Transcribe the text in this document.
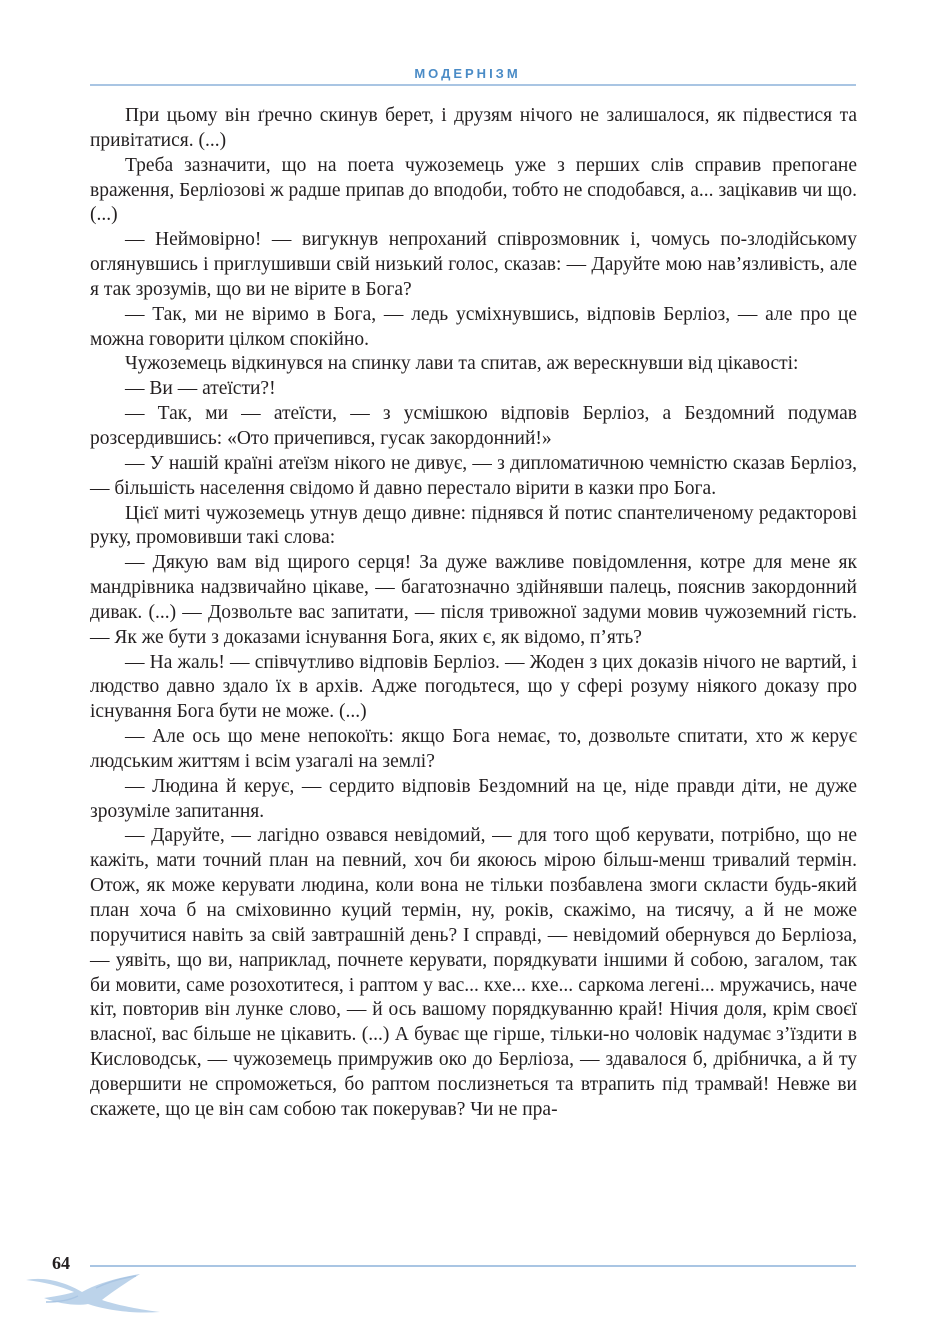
МОДЕРНІЗМ

При цьому він ґречно скинув берет, і друзям нічого не залишалося, як підвестися та привітатися. (...)

Треба зазначити, що на поета чужоземець уже з перших слів справив препогане враження, Берліозові ж радше припав до вподоби, тобто не сподобався, а... зацікавив чи що. (...)

— Неймовірно! — вигукнув непроханий співрозмовник і, чомусь по-злодійському оглянувшись і приглушивши свій низький голос, сказав: — Даруйте мою нав’язливість, але я так зрозумів, що ви не вірите в Бога?

— Так, ми не віримо в Бога, — ледь усміхнувшись, відповів Берліоз, — але про це можна говорити цілком спокійно.

Чужоземець відкинувся на спинку лави та спитав, аж верескнувши від цікавості:

— Ви — атеїсти?!

— Так, ми — атеїсти, — з усмішкою відповів Берліоз, а Бездомний подумав розсердившись: «Ото причепився, гусак закордонний!»

— У нашій країні атеїзм нікого не дивує, — з дипломатичною чемністю сказав Берліоз, — більшість населення свідомо й давно перестало вірити в казки про Бога.

Цієї миті чужоземець утнув дещо дивне: піднявся й потис спантеличеному редакторові руку, промовивши такі слова:

— Дякую вам від щирого серця! За дуже важливе повідомлення, котре для мене як мандрівника надзвичайно цікаве, — багатозначно здійнявши палець, пояснив закордонний дивак. (...) — Дозвольте вас запитати, — після тривожної задуми мовив чужоземний гість. — Як же бути з доказами існування Бога, яких є, як відомо, п’ять?

— На жаль! — співчутливо відповів Берліоз. — Жоден з цих доказів нічого не вартий, і людство давно здало їх в архів. Адже погодьтеся, що у сфері розуму ніякого доказу про існування Бога бути не може. (...)

— Але ось що мене непокоїть: якщо Бога немає, то, дозвольте спитати, хто ж керує людським життям і всім узагалі на землі?

— Людина й керує, — сердито відповів Бездомний на це, ніде правди діти, не дуже зрозуміле запитання.

— Даруйте, — лагідно озвався невідомий, — для того щоб керувати, потрібно, що не кажіть, мати точний план на певний, хоч би якоюсь мірою більш-менш тривалий термін. Отож, як може керувати людина, коли вона не тільки позбавлена змоги скласти будь-який план хоча б на сміховинно куций термін, ну, років, скажімо, на тисячу, а й не може поручитися навіть за свій завтрашній день? І справді, — невідомий обернувся до Берліоза, — уявіть, що ви, наприклад, почнете керувати, порядкувати іншими й собою, загалом, так би мовити, саме розохотитеся, і раптом у вас... кхе... кхе... саркома легені... мружачись, наче кіт, повторив він лунке слово, — й ось вашому порядкуванню край! Нічия доля, крім своєї власної, вас більше не цікавить. (...) А буває ще гірше, тільки-но чоловік надумає з’їздити в Кисловодськ, — чужоземець примружив око до Берліоза, — здавалося б, дрібничка, а й ту довершити не спроможеться, бо раптом послизнеться та втрапить під трамвай! Невже ви скажете, що це він сам собою так покерував? Чи не пра-

64
